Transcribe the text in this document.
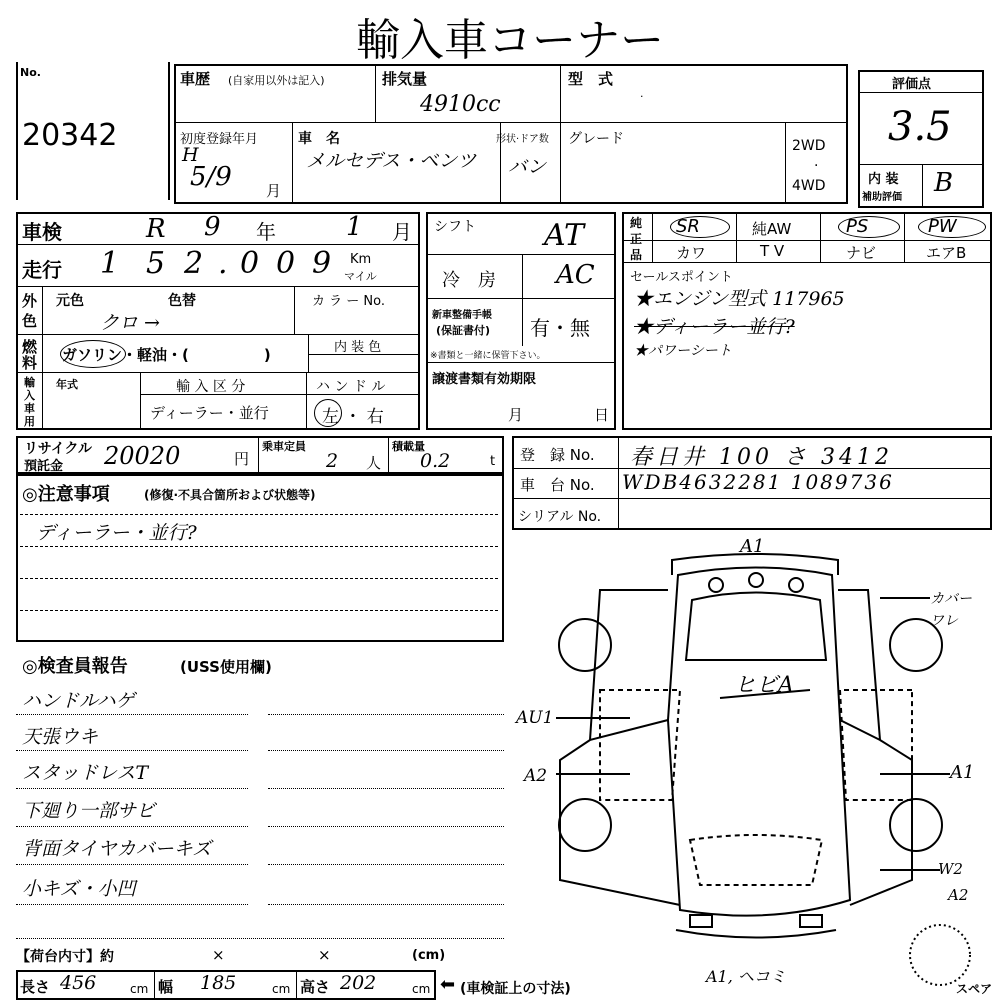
輸入車コーナー
No.
20342
車歴 (自家用以外は記入)	排気量
4910cc
型　式
·
初度登録年月
H
5/9 月
車　名
メルセデス・ベンツ
形状·ドア数
バン
グレード	2WD
·
4WD
評価点
3.5
内 装
補助評価 B
車検	R 9 年	1 月
走行 1 5 2 . 0 0 9 Km
マイル
外
色
元色	色替	カ ラ ー No.
クロ →
燃
料 ガソリン・軽油・(　　　　　)	内 装 色
輸
入
車
用
年式	輸 入 区 分
ディーラー・並行
ハ ン ド ル
左 ・ 右
シフト AT
冷　房 AC
新車整備手帳
(保証書付) 有・無
※書類と一緒に保管下さい。
譲渡書類有効期限
月	日
純
正
品
SR	純AW	PS	PW
カワ	T V	ナビ	エアB
セールスポイント
★エンジン型式 117965
★ディーラー並行?
★パワーシート
リサイクル
預託金 20020	円
乗車定員
2 人
積載量
0.2	t 登　録 No. 春日井 100 さ 3412
車　台 No. WDB4632281 1089736
シリアル No.
◎注意事項	(修復·不具合箇所および状態等)
ディーラー・並行?
◎検査員報告	(USS使用欄)
ハンドルハゲ
天張ウキ
スタッドレスT
下廻り一部サビ
背面タイヤカバーキズ
小キズ・小凹
【荷台内寸】約	×	×	(cm)
長さ 456	cm 幅 185	cm 高さ 202	cm (車検証上の寸法)
⬅
A1
ヒビA
AU1
A2
カバー
ワレ
A1
W2
A2
A1, ヘコミ
スペア
